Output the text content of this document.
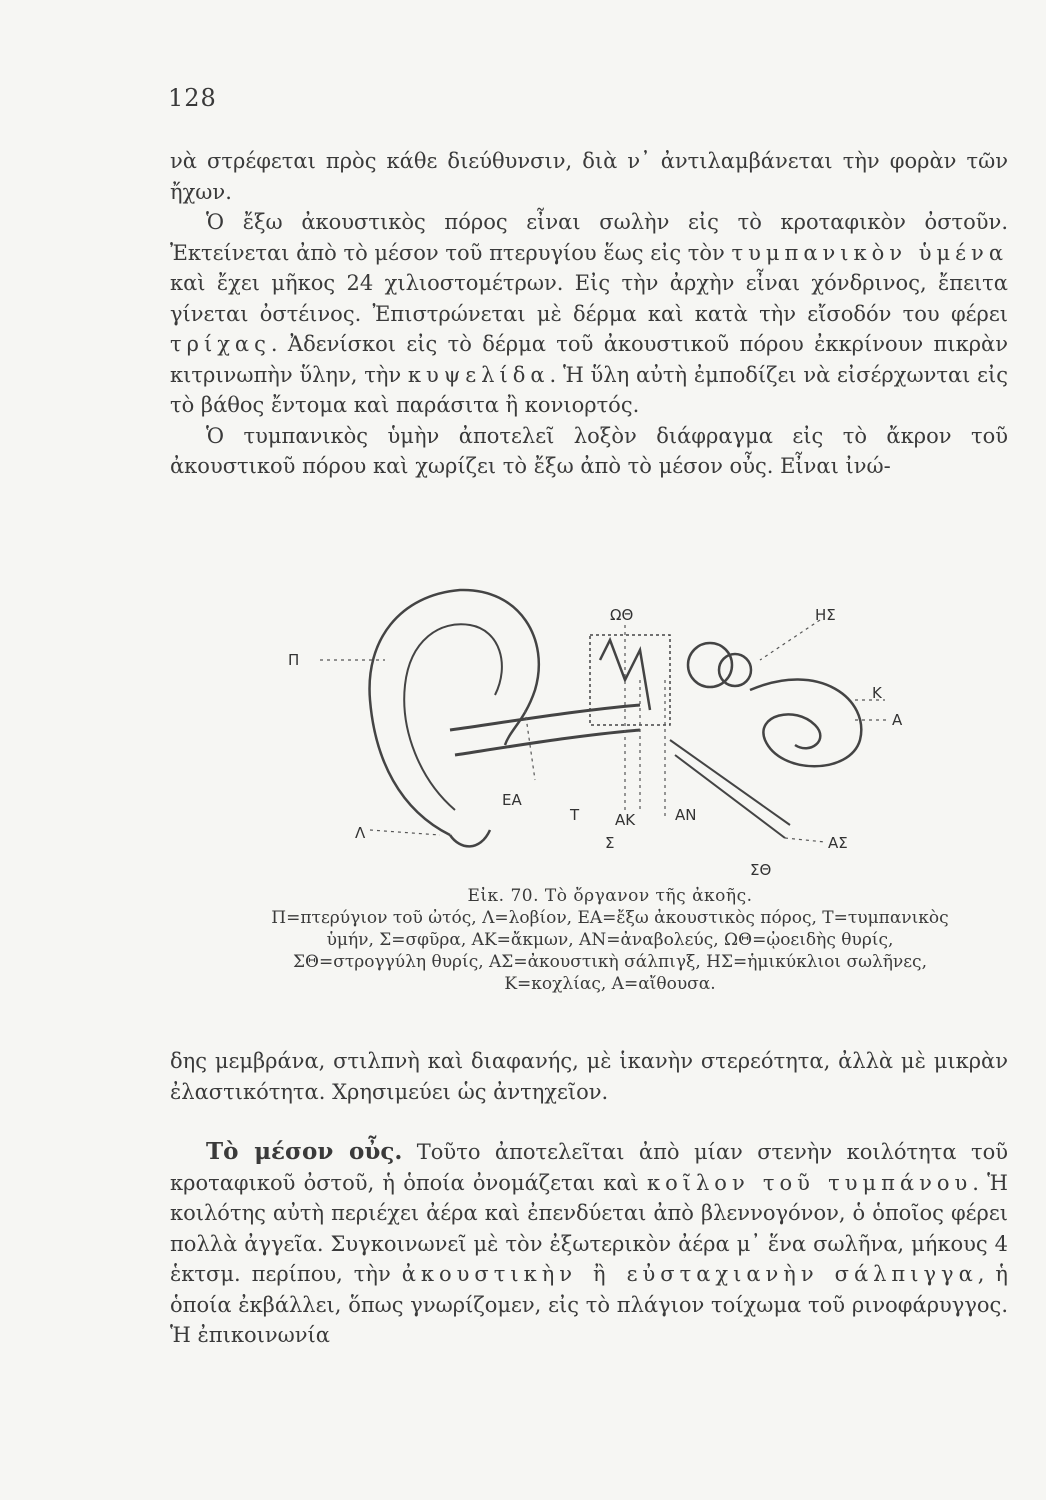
128

νὰ στρέφεται πρὸς κάθε διεύθυνσιν, διὰ ν᾽ ἀντιλαμβάνεται τὴν φορὰν τῶν ἤχων.

Ὁ ἔξω ἀκουστικὸς πόρος εἶναι σωλὴν εἰς τὸ κροταφικὸν ὀστοῦν. Ἐκτείνεται ἀπὸ τὸ μέσον τοῦ πτερυγίου ἕως εἰς τὸν τυμπανικὸν ὑμένα καὶ ἔχει μῆκος 24 χιλιοστομέτρων. Εἰς τὴν ἀρχὴν εἶναι χόνδρινος, ἔπειτα γίνεται ὀστέινος. Ἐπιστρώνεται μὲ δέρμα καὶ κατὰ τὴν εἴσοδόν του φέρει τρίχας. Ἀδενίσκοι εἰς τὸ δέρμα τοῦ ἀκουστικοῦ πόρου ἐκκρίνουν πικρὰν κιτρινωπὴν ὕλην, τὴν κυψελίδα. Ἡ ὕλη αὐτὴ ἐμποδίζει νὰ εἰσέρχωνται εἰς τὸ βάθος ἔντομα καὶ παράσιτα ἢ κονιορτός.

Ὁ τυμπανικὸς ὑμὴν ἀποτελεῖ λοξὸν διάφραγμα εἰς τὸ ἄκρον τοῦ ἀκουστικοῦ πόρου καὶ χωρίζει τὸ ἔξω ἀπὸ τὸ μέσον οὖς. Εἶναι ἰνώ-

Π
Λ
ΕΑ
Τ
Σ
ΑΚ	ΑΝ
ΩΘ	ΗΣ
Κ
Α
ΑΣ
ΣΘ
Εἰκ. 70. Τὸ ὄργανον τῆς ἀκοῆς.
Π=πτερύγιον τοῦ ὠτός, Λ=λοβίον, ΕΑ=ἔξω ἀκουστικὸς πόρος, Τ=τυμπανικὸς ὑμήν, Σ=σφῦρα, ΑΚ=ἄκμων, ΑΝ=ἀναβολεύς, ΩΘ=ᾠοειδὴς θυρίς, ΣΘ=στρογγύλη θυρίς, ΑΣ=ἀκουστικὴ σάλπιγξ, ΗΣ=ἡμικύκλιοι σωλῆνες, Κ=κοχλίας, Α=αἴθουσα.

δης μεμβράνα, στιλπνὴ καὶ διαφανής, μὲ ἱκανὴν στερεότητα, ἀλλὰ μὲ μικρὰν ἐλαστικότητα. Χρησιμεύει ὡς ἀντηχεῖον.

Τὸ μέσον οὖς. Τοῦτο ἀποτελεῖται ἀπὸ μίαν στενὴν κοιλότητα τοῦ κροταφικοῦ ὀστοῦ, ἡ ὁποία ὀνομάζεται καὶ κοῖλον τοῦ τυμπάνου. Ἡ κοιλότης αὐτὴ περιέχει ἀέρα καὶ ἐπενδύεται ἀπὸ βλεννογόνον, ὁ ὁποῖος φέρει πολλὰ ἀγγεῖα. Συγκοινωνεῖ μὲ τὸν ἐξωτερικὸν ἀέρα μ᾽ ἕνα σωλῆνα, μήκους 4 ἑκτσμ. περίπου, τὴν ἀκουστικὴν ἢ εὐσταχιανὴν σάλπιγγα, ἡ ὁποία ἐκβάλλει, ὅπως γνωρίζομεν, εἰς τὸ πλάγιον τοίχωμα τοῦ ρινοφάρυγγος. Ἡ ἐπικοινωνία
